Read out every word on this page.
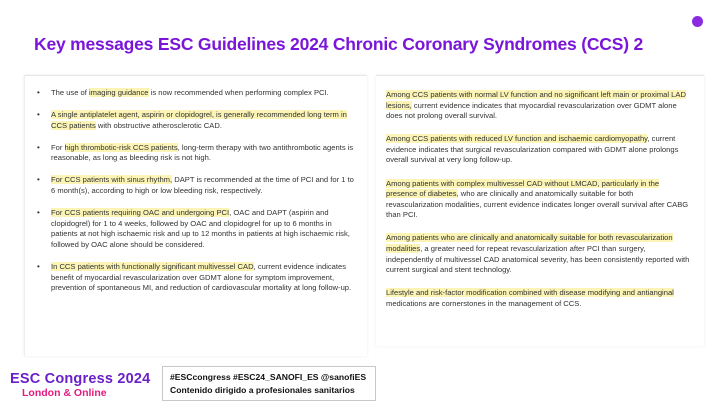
Key messages ESC Guidelines 2024 Chronic Coronary Syndromes (CCS) 2
• The use of imaging guidance is now recommended when performing complex PCI.
• A single antiplatelet agent, aspirin or clopidogrel, is generally recommended long term in CCS patients with obstructive atherosclerotic CAD.
• For high thrombotic-risk CCS patients, long-term therapy with two antithrombotic agents is reasonable, as long as bleeding risk is not high.
• For CCS patients with sinus rhythm, DAPT is recommended at the time of PCI and for 1 to 6 month(s), according to high or low bleeding risk, respectively.
• For CCS patients requiring OAC and undergoing PCI, OAC and DAPT (aspirin and clopidogrel) for 1 to 4 weeks, followed by OAC and clopidogrel for up to 6 months in patients at not high ischaemic risk and up to 12 months in patients at high ischaemic risk, followed by OAC alone should be considered.
• In CCS patients with functionally significant multivessel CAD, current evidence indicates benefit of myocardial revascularization over GDMT alone for symptom improvement, prevention of spontaneous MI, and reduction of cardiovascular mortality at long follow-up.
Among CCS patients with normal LV function and no significant left main or proximal LAD lesions, current evidence indicates that myocardial revascularization over GDMT alone does not prolong overall survival.
Among CCS patients with reduced LV function and ischaemic cardiomyopathy, current evidence indicates that surgical revascularization compared with GDMT alone prolongs overall survival at very long follow-up.
Among patients with complex multivessel CAD without LMCAD, particularly in the presence of diabetes, who are clinically and anatomically suitable for both revascularization modalities, current evidence indicates longer overall survival after CABG than PCI.
Among patients who are clinically and anatomically suitable for both revascularization modalities, a greater need for repeat revascularization after PCI than surgery, independently of multivessel CAD anatomical severity, has been consistently reported with current surgical and stent technology.
Lifestyle and risk-factor modification combined with disease modifying and antianginal medications are cornerstones in the management of CCS.
ESC Congress 2024
London & Online
#ESCcongress #ESC24_SANOFI_ES @sanofiES
Contenido dirigido a profesionales sanitarios
